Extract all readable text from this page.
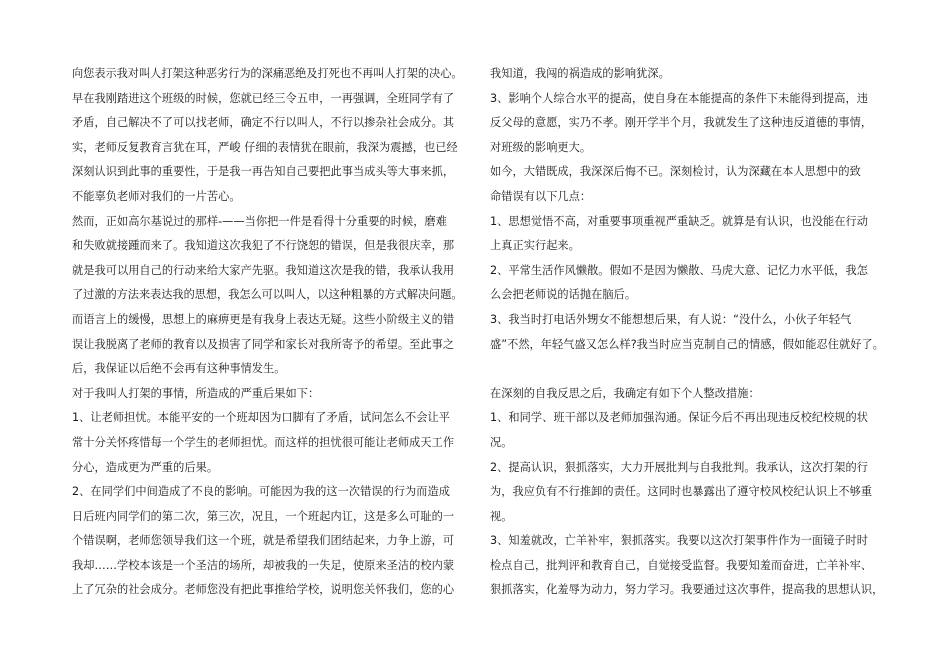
向您表示我对叫人打架这种恶劣行为的深痛恶绝及打死也不再叫人打架的决心。
早在我刚踏进这个班级的时候，您就已经三令五申，一再强调，全班同学有了
矛盾，自己解决不了可以找老师，确定不行以叫人，不行以掺杂社会成分。其
实，老师反复教育言犹在耳，严峻 仔细的表情犹在眼前，我深为震撼，也已经
深刻认识到此事的重要性，于是我一再告知自己要把此事当成头等大事来抓，
不能辜负老师对我们的一片苦心。
然而，正如高尔基说过的那样-——当你把一件是看得十分重要的时候，磨难
和失败就接踵而来了。我知道这次我犯了不行饶恕的错误，但是我很庆幸，那
就是我可以用自己的行动来给大家产先驱。我知道这次是我的错，我承认我用
了过激的方法来表达我的思想，我怎么可以叫人，以这种粗暴的方式解决问题。
而语言上的缓慢，思想上的麻痹更是有我身上表达无疑。这些小阶级主义的错
误让我脱离了老师的教育以及损害了同学和家长对我所寄予的希望。至此事之
后，我保证以后绝不会再有这种事情发生。
对于我叫人打架的事情，所造成的严重后果如下：
1、让老师担忧。本能平安的一个班却因为口脚有了矛盾，试问怎么不会让平
常十分关怀疼惜每一个学生的老师担忧。而这样的担忧很可能让老师成天工作
分心，造成更为严重的后果。
2、在同学们中间造成了不良的影响。可能因为我的这一次错误的行为而造成
日后班内同学们的第二次，第三次，况且，一个班起内讧，这是多么可耻的一
个错误啊，老师您领导我们这一个班，就是希望我们团结起来，力争上游，可
我却……学校本该是一个圣洁的场所，却被我的一失足，使原来圣洁的校内蒙
上了冗杂的社会成分。老师您没有把此事推给学校，说明您关怀我们，您的心
我知道，我闯的祸造成的影响犹深。
3、影响个人综合水平的提高，使自身在本能提高的条件下未能得到提高，违
反父母的意愿，实乃不孝。刚开学半个月，我就发生了这种违反道德的事情，
对班级的影响更大。
如今，大错既成，我深深后悔不已。深刻检讨，认为深藏在本人思想中的致
命错误有以下几点：
1、思想觉悟不高，对重要事项重视严重缺乏。就算是有认识，也没能在行动
上真正实行起来。
2、平常生活作风懒散。假如不是因为懒散、马虎大意、记忆力水平低，我怎
么会把老师说的话抛在脑后。
3、我当时打电话外甥女不能想想后果，有人说：“没什么，小伙子年轻气
盛”不然，年轻气盛又怎么样?我当时应当克制自己的情感，假如能忍住就好了。
在深刻的自我反思之后，我确定有如下个人整改措施：
1、和同学、班干部以及老师加强沟通。保证今后不再出现违反校纪校规的状
况。
2、提高认识，狠抓落实，大力开展批判与自我批判。我承认，这次打架的行
为，我应负有不行推卸的责任。这同时也暴露出了遵守校风校纪认识上不够重
视。
3、知羞就改，亡羊补牢，狠抓落实。我要以这次打架事件作为一面镜子时时
检点自己，批判评和教育自己，自觉接受监督。我要知羞而奋进，亡羊补牢、
狠抓落实，化羞辱为动力，努力学习。我要通过这次事件，提高我的思想认识，
